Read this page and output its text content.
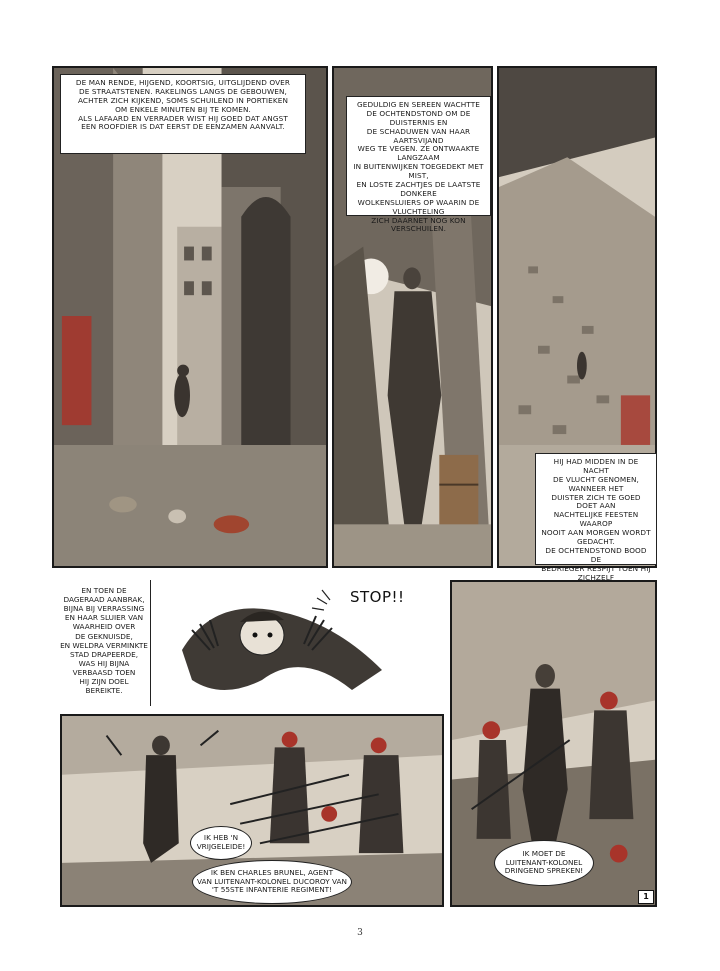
DE MAN RENDE, HIJGEND, KOORTSIG, UITGLIJDEND OVER
DE STRAATSTENEN. RAKELINGS LANGS DE GEBOUWEN,
ACHTER ZICH KIJKEND, SOMS SCHUILEND IN PORTIEKEN
OM ENKELE MINUTEN BIJ TE KOMEN.
ALS LAFAARD EN VERRADER WIST HIJ GOED DAT ANGST
EEN ROOFDIER IS DAT EERST DE EENZAMEN AANVALT.
GEDULDIG EN SEREEN WACHTTE
DE OCHTENDSTOND OM DE DUISTERNIS EN
DE SCHADUWEN VAN HAAR AARTSVIJAND
WEG TE VEGEN. ZE ONTWAAKTE LANGZAAM
IN BUITENWIJKEN TOEGEDEKT MET MIST,
EN LOSTE ZACHTJES DE LAATSTE DONKERE
WOLKENSLUIERS OP WAARIN DE VLUCHTELING
ZICH DAARNET NOG KON VERSCHUILEN.
HIJ HAD MIDDEN IN DE NACHT
DE VLUCHT GENOMEN, WANNEER HET
DUISTER ZICH TE GOED DOET AAN
NACHTELIJKE FEESTEN WAAROP
NOOIT AAN MORGEN WORDT GEDACHT.
DE OCHTENDSTOND BOOD DE
BEDRIEGER RESPIJT TOEN HIJ ZICHZELF

EN TOEN DE
DAGERAAD AANBRAK,
BIJNA BIJ VERRASSING
EN HAAR SLUIER VAN
WAARHEID OVER
DE GEKNUISDE,
EN WELDRA VERMINKTE
STAD DRAPEERDE,
WAS HIJ BIJNA
VERBAASD TOEN
HIJ ZIJN DOEL
BEREIKTE.
STOP!!
IK MOET DE
LUITENANT-KOLONEL
DRINGEND SPREKEN!
1
IK HEB 'N
VRIJGELEIDE!
IK BEN CHARLES BRUNEL, AGENT
VAN LUITENANT-KOLONEL DUCOROY VAN
'T 55STE INFANTERIE REGIMENT!
3
